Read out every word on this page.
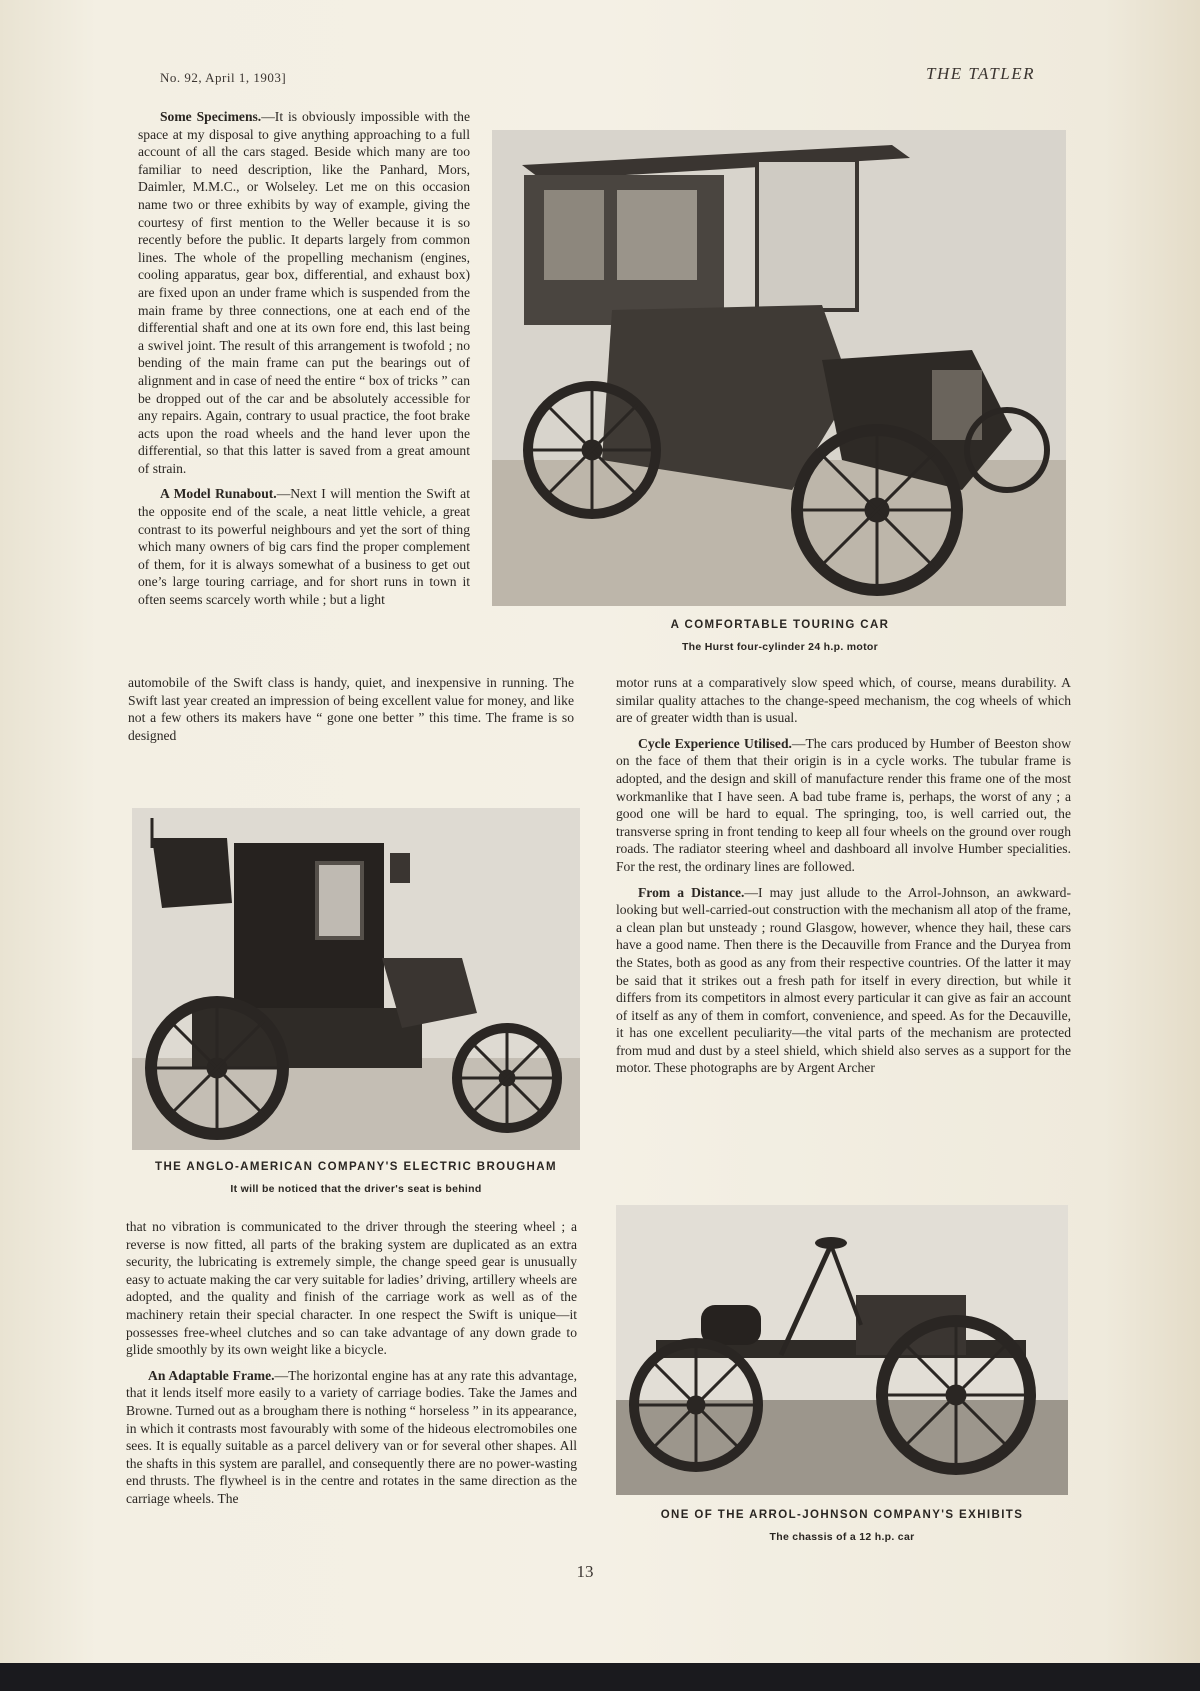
No. 92, April 1, 1903]	THE TATLER

Some Specimens.—It is obviously impossible with the space at my disposal to give anything approaching to a full account of all the cars staged. Beside which many are too familiar to need description, like the Panhard, Mors, Daimler, M.M.C., or Wolseley. Let me on this occasion name two or three exhibits by way of example, giving the courtesy of first mention to the Weller because it is so recently before the public. It departs largely from common lines. The whole of the propelling mechanism (engines, cooling apparatus, gear box, differential, and exhaust box) are fixed upon an under frame which is suspended from the main frame by three connections, one at each end of the differential shaft and one at its own fore end, this last being a swivel joint. The result of this arrangement is twofold ; no bending of the main frame can put the bearings out of alignment and in case of need the entire “ box of tricks ” can be dropped out of the car and be absolutely accessible for any repairs. Again, contrary to usual practice, the foot brake acts upon the road wheels and the hand lever upon the differential, so that this latter is saved from a great amount of strain.

A Model Runabout.—Next I will mention the Swift at the opposite end of the scale, a neat little vehicle, a great contrast to its powerful neighbours and yet the sort of thing which many owners of big cars find the proper complement of them, for it is always somewhat of a business to get out one’s large touring carriage, and for short runs in town it often seems scarcely worth while ; but a light

automobile of the Swift class is handy, quiet, and inexpensive in running. The Swift last year created an impression of being excellent value for money, and like not a few others its makers have “ gone one better ” this time. The frame is so designed

A COMFORTABLE TOURING CAR
The Hurst four-cylinder 24 h.p. motor

motor runs at a comparatively slow speed which, of course, means durability. A similar quality attaches to the change-speed mechanism, the cog wheels of which are of greater width than is usual.

Cycle Experience Utilised.—The cars produced by Humber of Beeston show on the face of them that their origin is in a cycle works. The tubular frame is adopted, and the design and skill of manufacture render this frame one of the most workmanlike that I have seen. A bad tube frame is, perhaps, the worst of any ; a good one will be hard to equal. The springing, too, is well carried out, the transverse spring in front tending to keep all four wheels on the ground over rough roads. The radiator steering wheel and dashboard all involve Humber specialities. For the rest, the ordinary lines are followed.

From a Distance.—I may just allude to the Arrol-Johnson, an awkward-looking but well-carried-out construction with the mechanism all atop of the frame, a clean plan but unsteady ; round Glasgow, however, whence they hail, these cars have a good name. Then there is the Decauville from France and the Duryea from the States, both as good as any from their respective countries. Of the latter it may be said that it strikes out a fresh path for itself in every direction, but while it differs from its competitors in almost every particular it can give as fair an account of itself as any of them in comfort, convenience, and speed. As for the Decauville, it has one excellent peculiarity—the vital parts of the mechanism are protected from mud and dust by a steel shield, which shield also serves as a support for the motor. These photographs are by Argent Archer

THE ANGLO-AMERICAN COMPANY'S ELECTRIC BROUGHAM
It will be noticed that the driver's seat is behind

that no vibration is communicated to the driver through the steering wheel ; a reverse is now fitted, all parts of the braking system are duplicated as an extra security, the lubricating is extremely simple, the change speed gear is unusually easy to actuate making the car very suitable for ladies’ driving, artillery wheels are adopted, and the quality and finish of the carriage work as well as of the machinery retain their special character. In one respect the Swift is unique—it possesses free-wheel clutches and so can take advantage of any down grade to glide smoothly by its own weight like a bicycle.

An Adaptable Frame.—The horizontal engine has at any rate this advantage, that it lends itself more easily to a variety of carriage bodies. Take the James and Browne. Turned out as a brougham there is nothing “ horseless ” in its appearance, in which it contrasts most favourably with some of the hideous electromobiles one sees. It is equally suitable as a parcel delivery van or for several other shapes. All the shafts in this system are parallel, and consequently there are no power-wasting end thrusts. The flywheel is in the centre and rotates in the same direction as the carriage wheels. The

ONE OF THE ARROL-JOHNSON COMPANY'S EXHIBITS
The chassis of a 12 h.p. car
13
